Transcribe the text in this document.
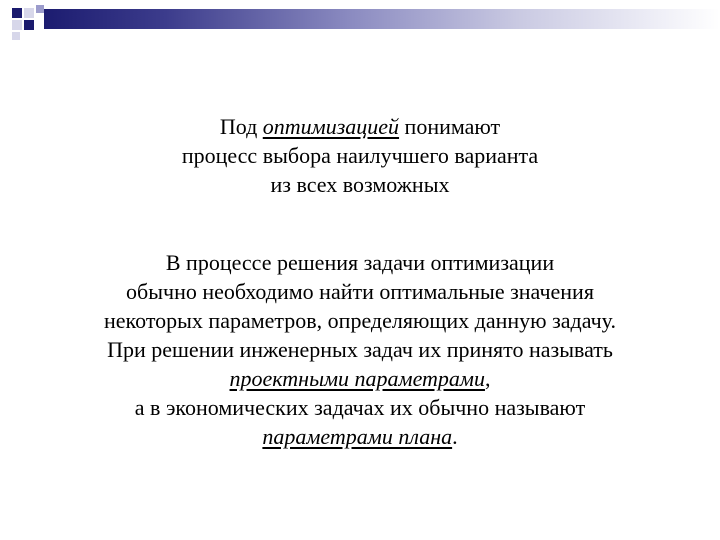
Под оптимизацией понимают
процесс выбора наилучшего варианта
из всех возможных
В процессе решения задачи оптимизации
обычно необходимо найти оптимальные значения
некоторых параметров, определяющих данную задачу.
При решении инженерных задач их принято называть
проектными параметрами,
а в экономических задачах их обычно называют
параметрами плана.
